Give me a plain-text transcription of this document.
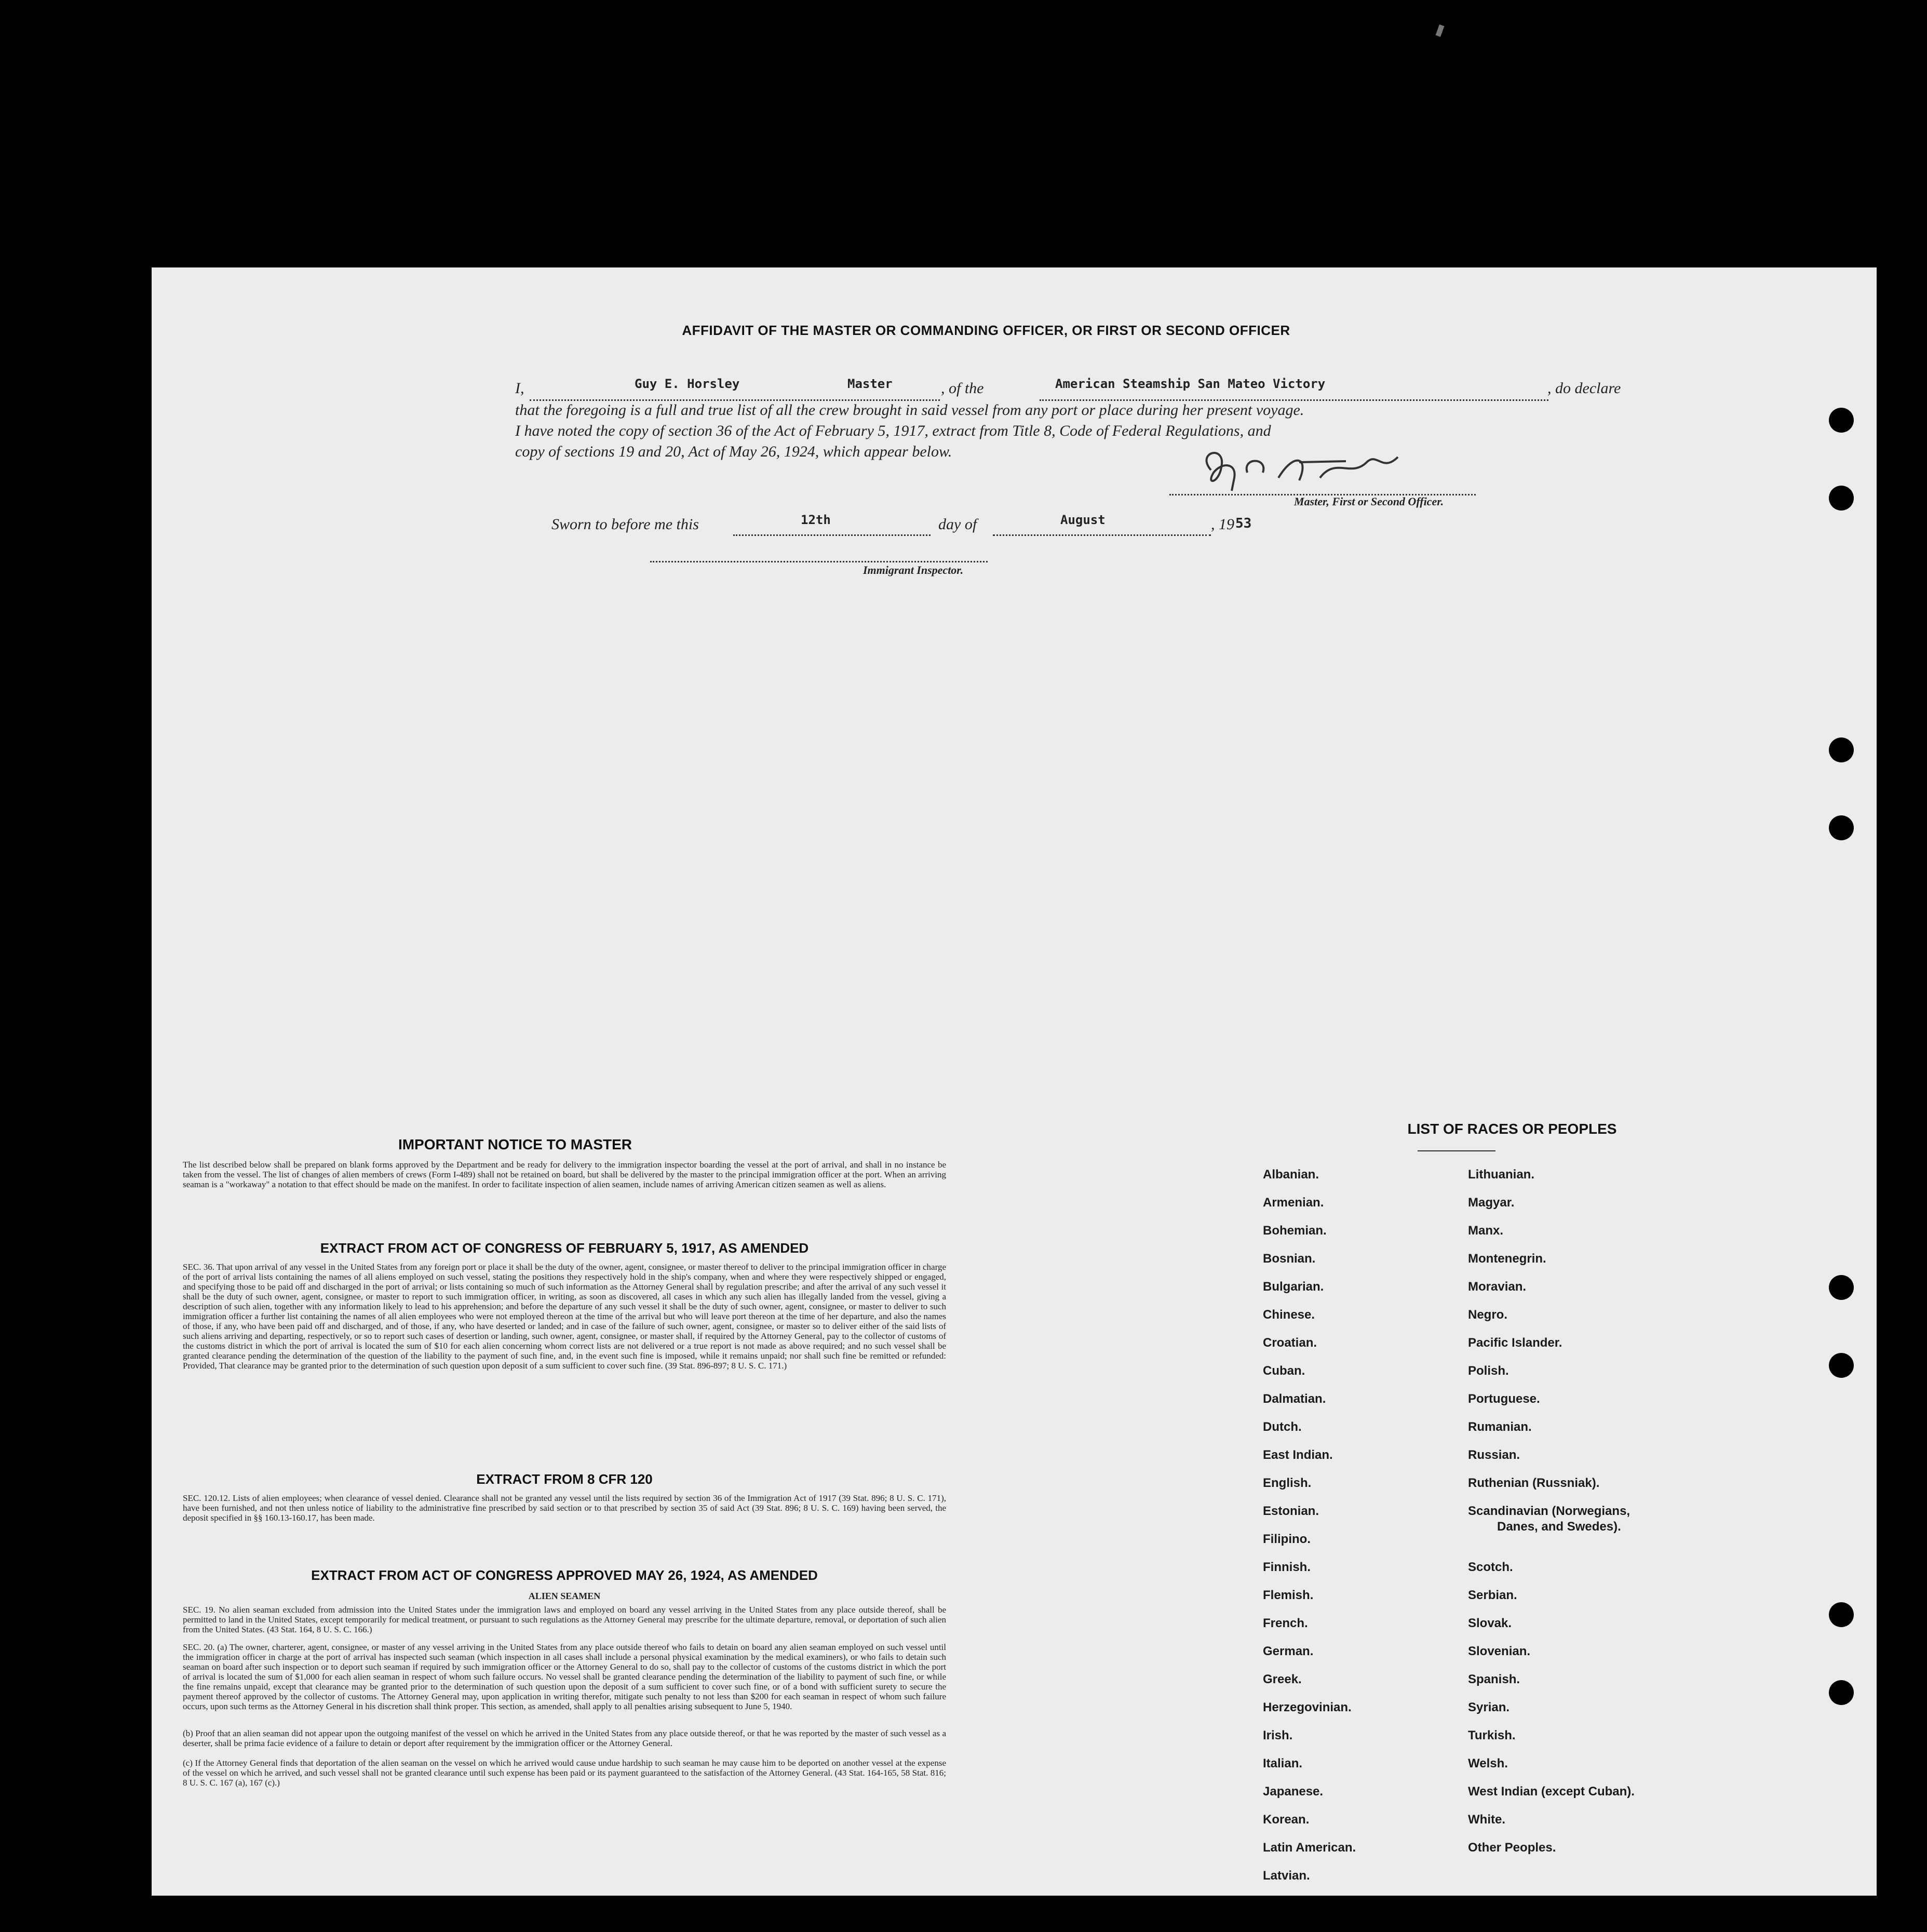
AFFIDAVIT OF THE MASTER OR COMMANDING OFFICER, OR FIRST OR SECOND OFFICER
I,	Guy E. Horsley	Master	, of the	American Steamship San Mateo Victory	, do declare
that the foregoing is a full and true list of all the crew brought in said vessel from any port or place during her present voyage.
I have noted the copy of section 36 of the Act of February 5, 1917, extract from Title 8, Code of Federal Regulations, and
copy of sections 19 and 20, Act of May 26, 1924, which appear below.
Master, First or Second Officer.
Sworn to before me this	12th	day of	August	, 19 53
Immigrant Inspector.
IMPORTANT NOTICE TO MASTER
The list described below shall be prepared on blank forms approved by the Department and be ready for delivery to the immigration inspector boarding the vessel at the port of arrival, and shall in no instance be taken from the vessel. The list of changes of alien members of crews (Form I-489) shall not be retained on board, but shall be delivered by the master to the principal immigration officer at the port. When an arriving seaman is a "workaway" a notation to that effect should be made on the manifest. In order to facilitate inspection of alien seamen, include names of arriving American citizen seamen as well as aliens.
EXTRACT FROM ACT OF CONGRESS OF FEBRUARY 5, 1917, AS AMENDED
SEC. 36. That upon arrival of any vessel in the United States from any foreign port or place it shall be the duty of the owner, agent, consignee, or master thereof to deliver to the principal immigration officer in charge of the port of arrival lists containing the names of all aliens employed on such vessel, stating the positions they respectively hold in the ship's company, when and where they were respectively shipped or engaged, and specifying those to be paid off and discharged in the port of arrival; or lists containing so much of such information as the Attorney General shall by regulation prescribe; and after the arrival of any such vessel it shall be the duty of such owner, agent, consignee, or master to report to such immigration officer, in writing, as soon as discovered, all cases in which any such alien has illegally landed from the vessel, giving a description of such alien, together with any information likely to lead to his apprehension; and before the departure of any such vessel it shall be the duty of such owner, agent, consignee, or master to deliver to such immigration officer a further list containing the names of all alien employees who were not employed thereon at the time of the arrival but who will leave port thereon at the time of her departure, and also the names of those, if any, who have been paid off and discharged, and of those, if any, who have deserted or landed; and in case of the failure of such owner, agent, consignee, or master so to deliver either of the said lists of such aliens arriving and departing, respectively, or so to report such cases of desertion or landing, such owner, agent, consignee, or master shall, if required by the Attorney General, pay to the collector of customs of the customs district in which the port of arrival is located the sum of $10 for each alien concerning whom correct lists are not delivered or a true report is not made as above required; and no such vessel shall be granted clearance pending the determination of the question of the liability to the payment of such fine, and, in the event such fine is imposed, while it remains unpaid; nor shall such fine be remitted or refunded: Provided, That clearance may be granted prior to the determination of such question upon deposit of a sum sufficient to cover such fine. (39 Stat. 896-897; 8 U. S. C. 171.)
EXTRACT FROM 8 CFR 120
SEC. 120.12. Lists of alien employees; when clearance of vessel denied. Clearance shall not be granted any vessel until the lists required by section 36 of the Immigration Act of 1917 (39 Stat. 896; 8 U. S. C. 171), have been furnished, and not then unless notice of liability to the administrative fine prescribed by said section or to that prescribed by section 35 of said Act (39 Stat. 896; 8 U. S. C. 169) having been served, the deposit specified in §§ 160.13-160.17, has been made.
EXTRACT FROM ACT OF CONGRESS APPROVED MAY 26, 1924, AS AMENDED
ALIEN SEAMEN
SEC. 19. No alien seaman excluded from admission into the United States under the immigration laws and employed on board any vessel arriving in the United States from any place outside thereof, shall be permitted to land in the United States, except temporarily for medical treatment, or pursuant to such regulations as the Attorney General may prescribe for the ultimate departure, removal, or deportation of such alien from the United States. (43 Stat. 164, 8 U. S. C. 166.)
SEC. 20. (a) The owner, charterer, agent, consignee, or master of any vessel arriving in the United States from any place outside thereof who fails to detain on board any alien seaman employed on such vessel until the immigration officer in charge at the port of arrival has inspected such seaman (which inspection in all cases shall include a personal physical examination by the medical examiners), or who fails to detain such seaman on board after such inspection or to deport such seaman if required by such immigration officer or the Attorney General to do so, shall pay to the collector of customs of the customs district in which the port of arrival is located the sum of $1,000 for each alien seaman in respect of whom such failure occurs. No vessel shall be granted clearance pending the determination of the liability to payment of such fine, or while the fine remains unpaid, except that clearance may be granted prior to the determination of such question upon the deposit of a sum sufficient to cover such fine, or of a bond with sufficient surety to secure the payment thereof approved by the collector of customs. The Attorney General may, upon application in writing therefor, mitigate such penalty to not less than $200 for each seaman in respect of whom such failure occurs, upon such terms as the Attorney General in his discretion shall think proper. This section, as amended, shall apply to all penalties arising subsequent to June 5, 1940.
(b) Proof that an alien seaman did not appear upon the outgoing manifest of the vessel on which he arrived in the United States from any place outside thereof, or that he was reported by the master of such vessel as a deserter, shall be prima facie evidence of a failure to detain or deport after requirement by the immigration officer or the Attorney General.
(c) If the Attorney General finds that deportation of the alien seaman on the vessel on which he arrived would cause undue hardship to such seaman he may cause him to be deported on another vessel at the expense of the vessel on which he arrived, and such vessel shall not be granted clearance until such expense has been paid or its payment guaranteed to the satisfaction of the Attorney General. (43 Stat. 164-165, 58 Stat. 816; 8 U. S. C. 167 (a), 167 (c).)
LIST OF RACES OR PEOPLES
Albanian.
Armenian.
Bohemian.
Bosnian.
Bulgarian.
Chinese.
Croatian.
Cuban.
Dalmatian.
Dutch.
East Indian.
English.
Estonian.
Filipino.
Finnish.
Flemish.
French.
German.
Greek.
Herzegovinian.
Irish.
Italian.
Japanese.
Korean.
Latin American.
Latvian.
Lithuanian.
Magyar.
Manx.
Montenegrin.
Moravian.
Negro.
Pacific Islander.
Polish.
Portuguese.
Rumanian.
Russian.
Ruthenian (Russniak).
Scandinavian (Norwegians,
Danes, and Swedes).
Scotch.
Serbian.
Slovak.
Slovenian.
Spanish.
Syrian.
Turkish.
Welsh.
West Indian (except Cuban).
White.
Other Peoples.
